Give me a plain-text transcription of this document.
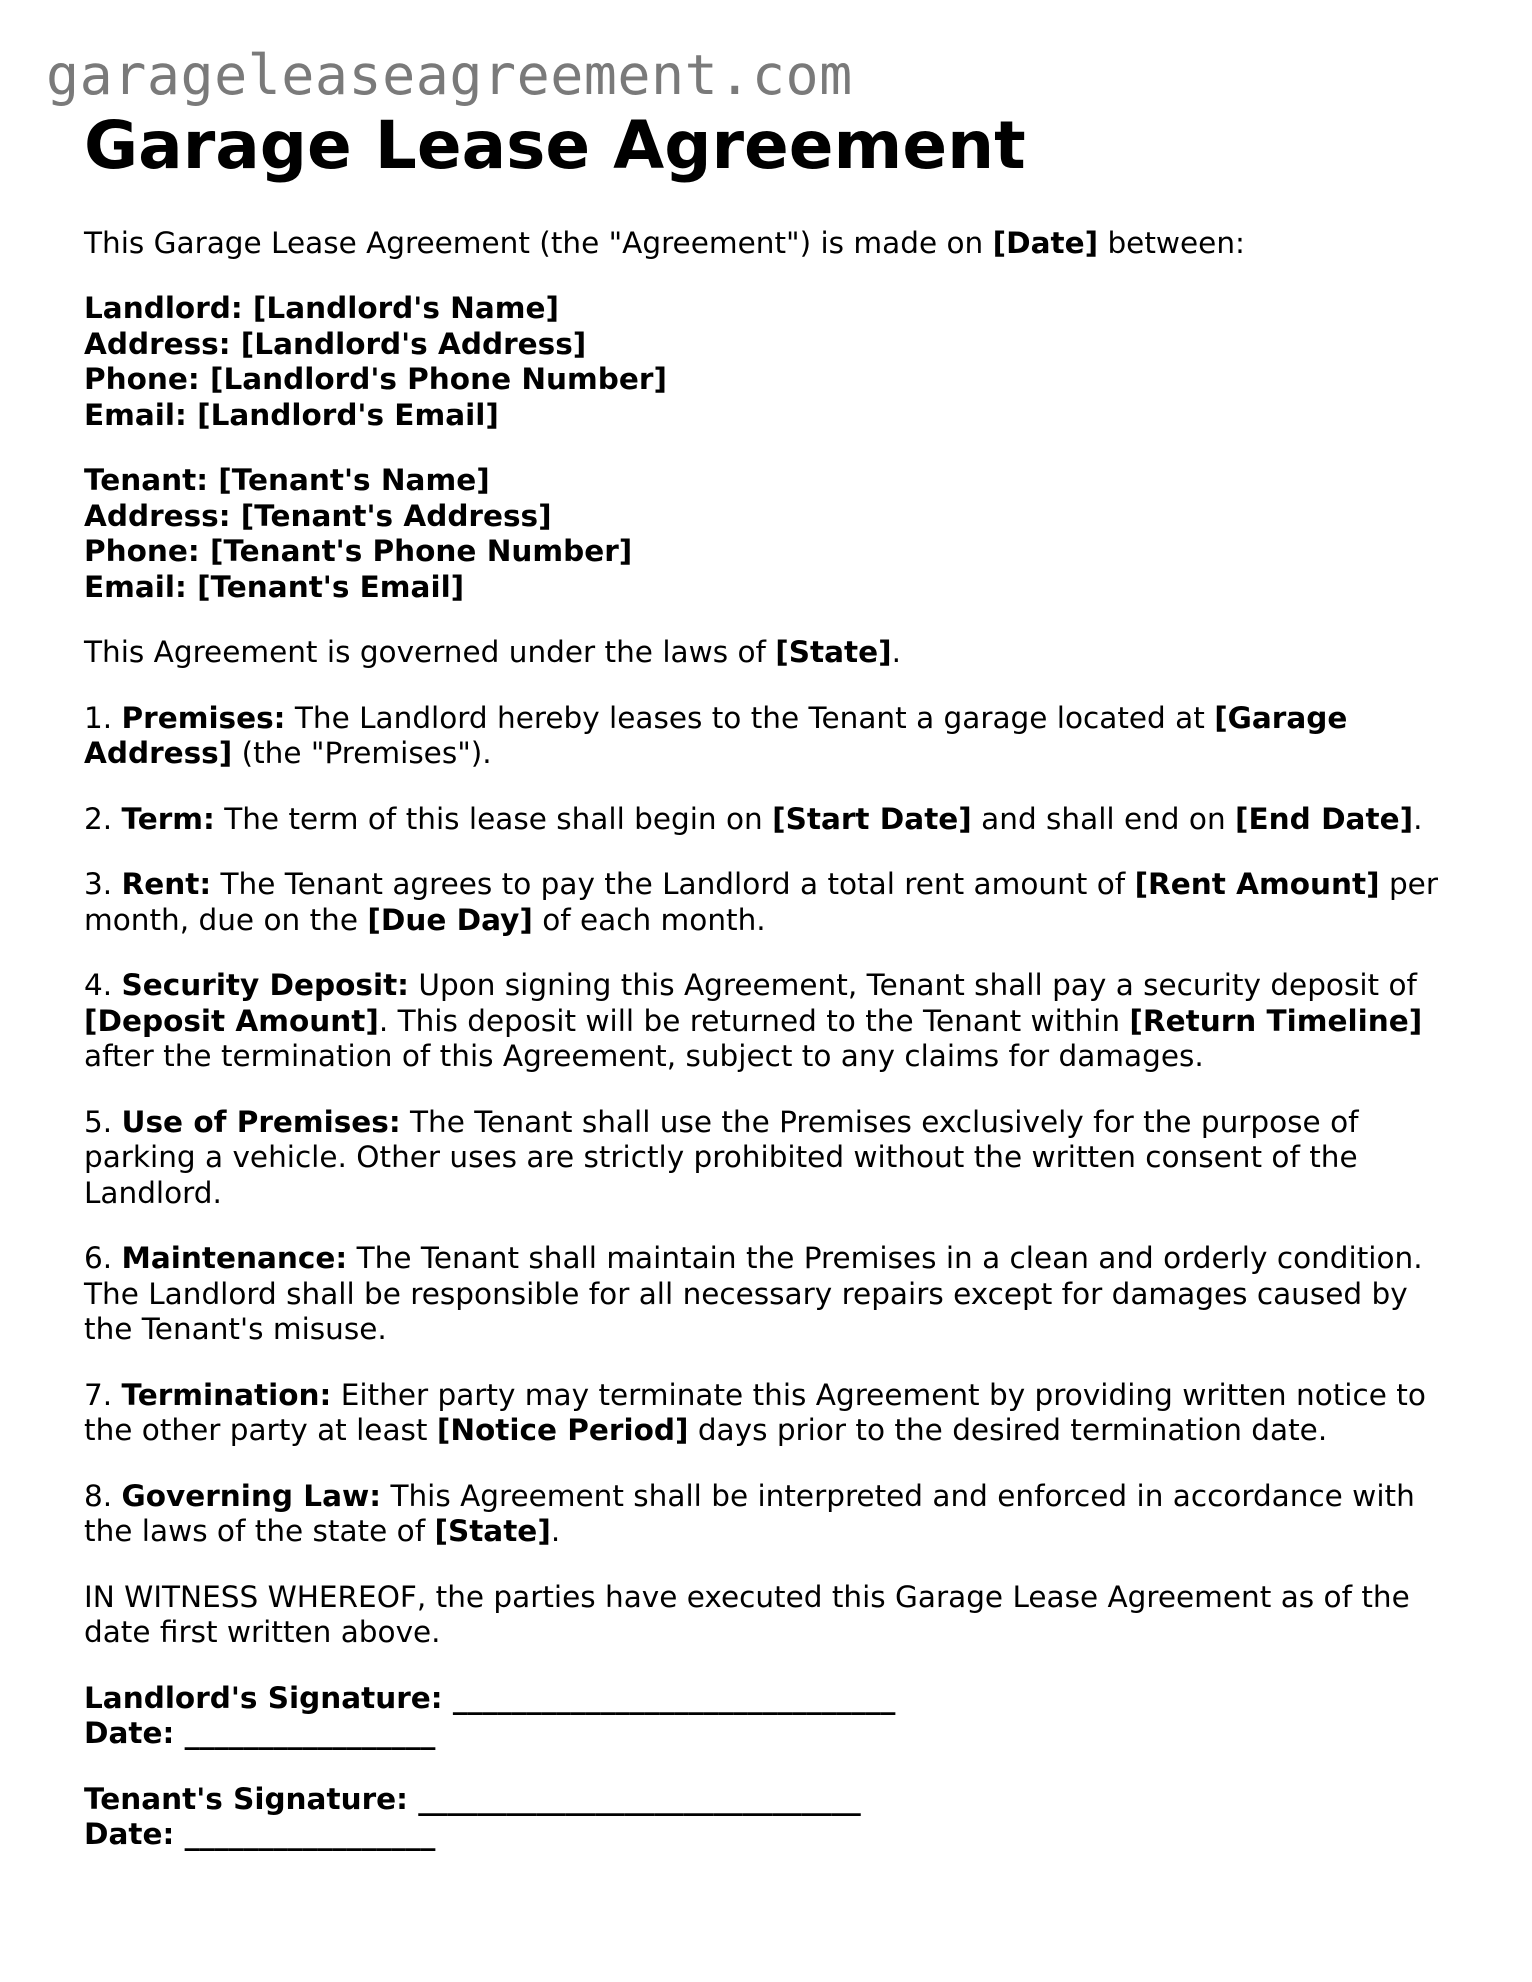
garageleaseagreement.com
Garage Lease Agreement

This Garage Lease Agreement (the "Agreement") is made on [Date] between:

Landlord: [Landlord's Name]
Address: [Landlord's Address]
Phone: [Landlord's Phone Number]
Email: [Landlord's Email]
Tenant: [Tenant's Name]
Address: [Tenant's Address]
Phone: [Tenant's Phone Number]
Email: [Tenant's Email]

This Agreement is governed under the laws of [State].

1. Premises: The Landlord hereby leases to the Tenant a garage located at [Garage Address] (the "Premises").

2. Term: The term of this lease shall begin on [Start Date] and shall end on [End Date].

3. Rent: The Tenant agrees to pay the Landlord a total rent amount of [Rent Amount] per month, due on the [Due Day] of each month.

4. Security Deposit: Upon signing this Agreement, Tenant shall pay a security deposit of [Deposit Amount]. This deposit will be returned to the Tenant within [Return Timeline] after the termination of this Agreement, subject to any claims for damages.

5. Use of Premises: The Tenant shall use the Premises exclusively for the purpose of parking a vehicle. Other uses are strictly prohibited without the written consent of the Landlord.

6. Maintenance: The Tenant shall maintain the Premises in a clean and orderly condition. The Landlord shall be responsible for all necessary repairs except for damages caused by the Tenant's misuse.

7. Termination: Either party may terminate this Agreement by providing written notice to the other party at least [Notice Period] days prior to the desired termination date.

8. Governing Law: This Agreement shall be interpreted and enforced in accordance with the laws of the state of [State].

IN WITNESS WHEREOF, the parties have executed this Garage Lease Agreement as of the date first written above.

Landlord's Signature: ______________________________
Date: _________________
Tenant's Signature: ______________________________
Date: _________________
